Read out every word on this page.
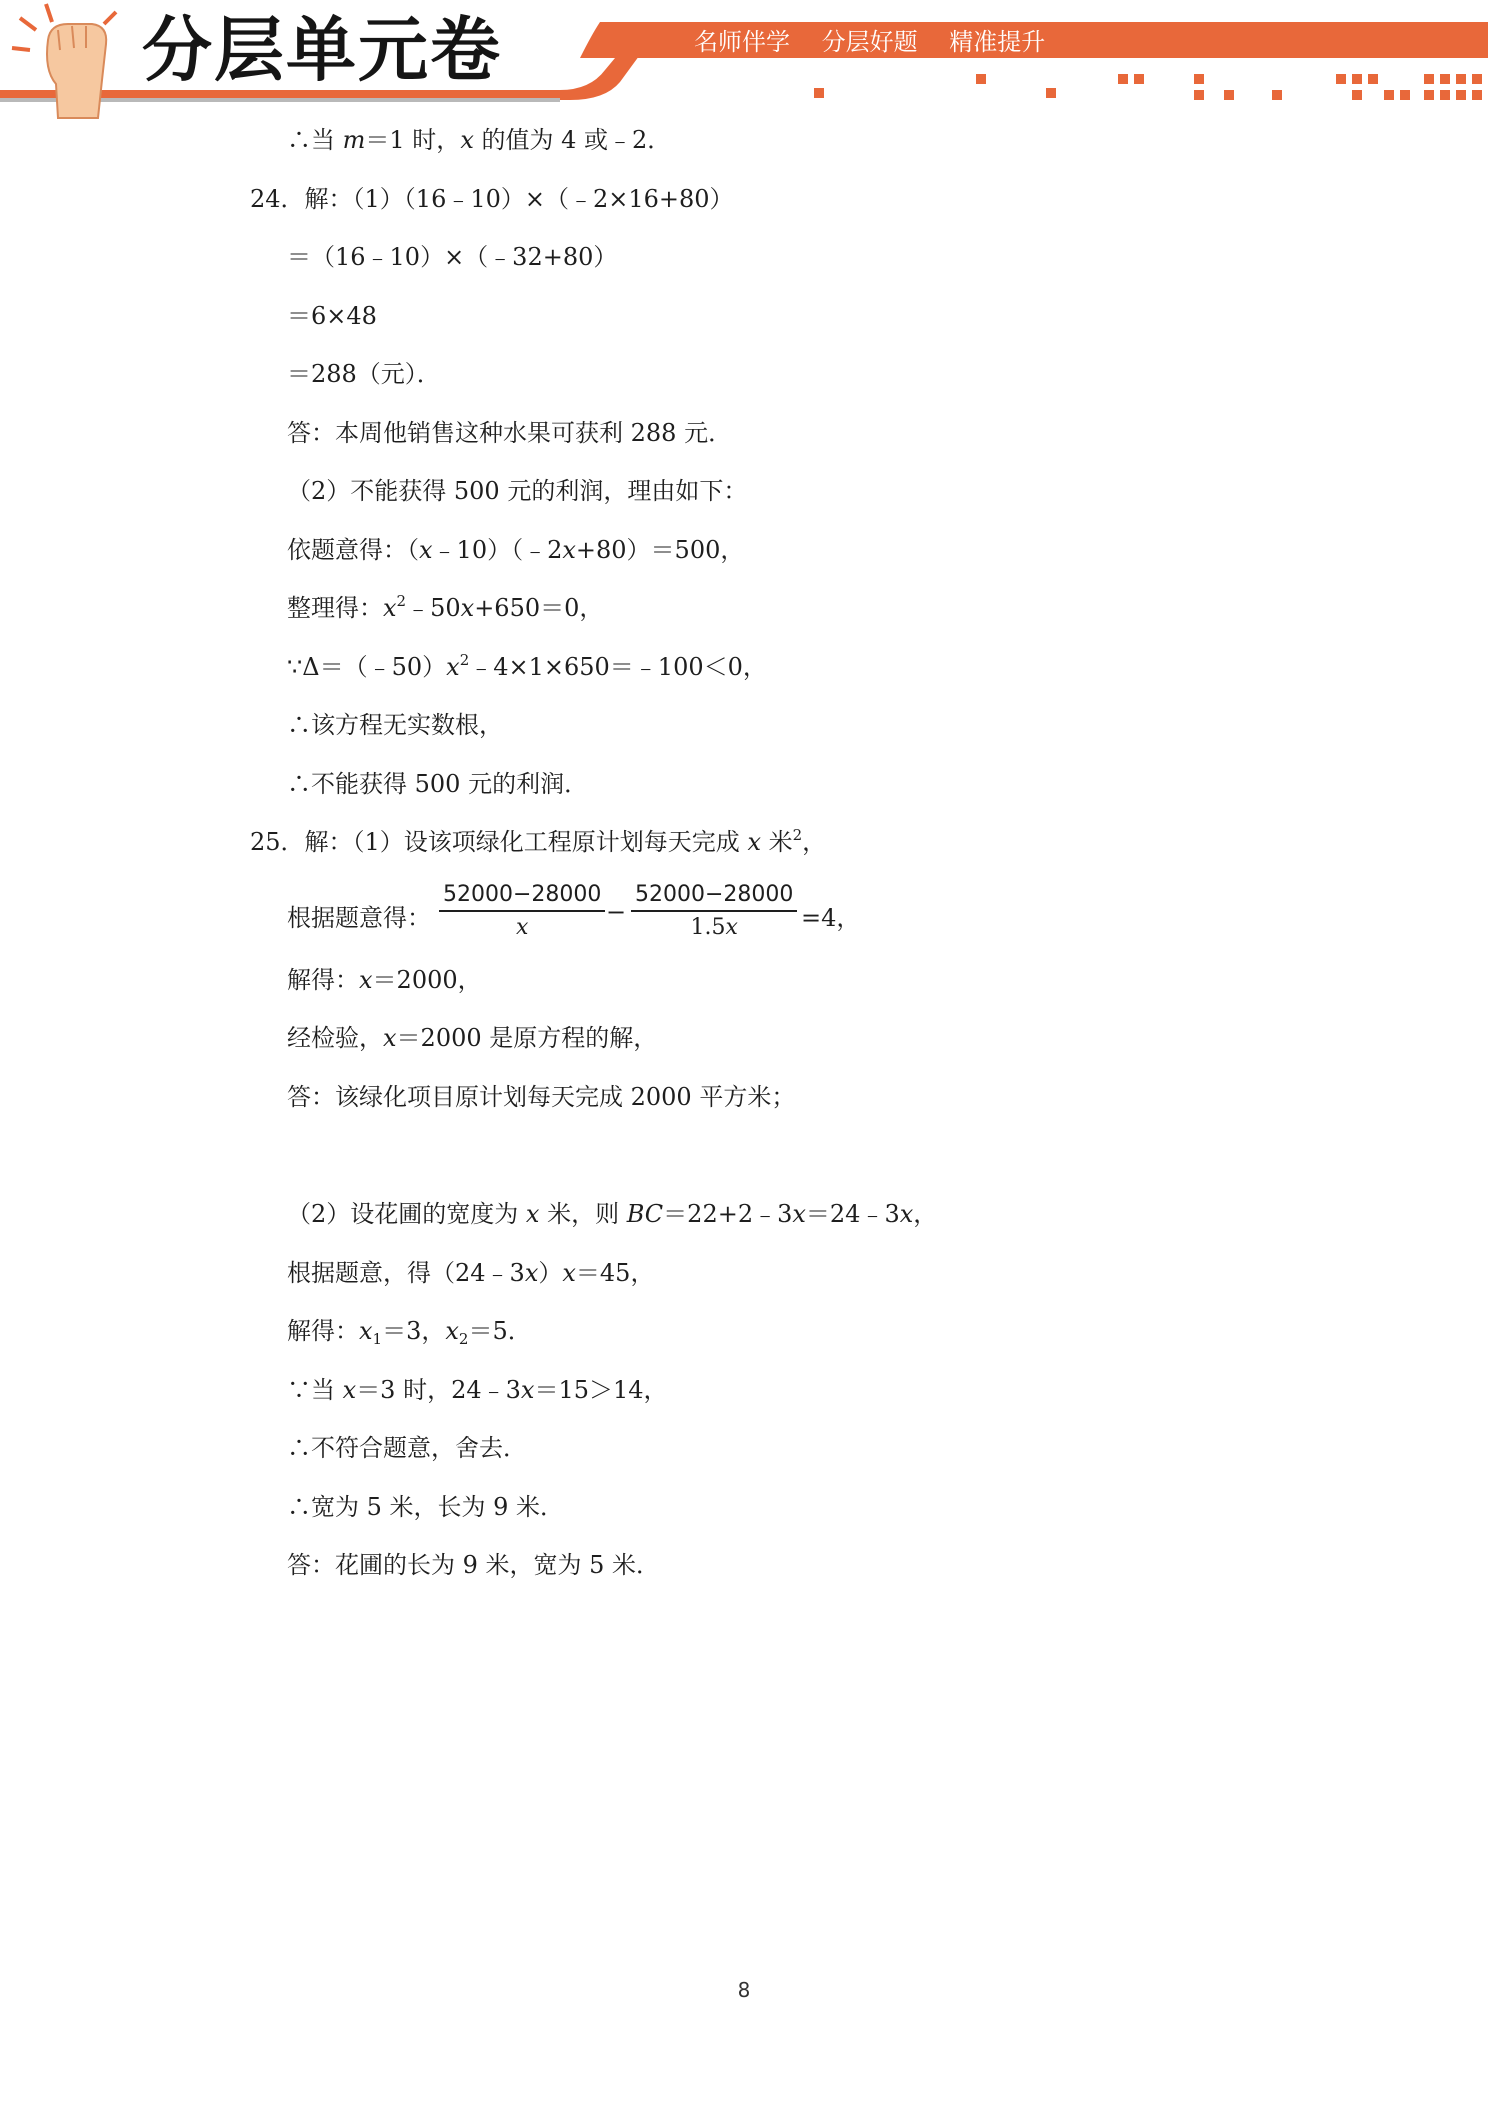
分层单元卷	名师伴学 分层好题 精准提升
∴当 m＝1 时，x 的值为 4 或﹣2．
24．解：（1）（16﹣10）×（﹣2×16+80）
＝（16﹣10）×（﹣32+80）
＝6×48
＝288（元）．
答：本周他销售这种水果可获利 288 元．
（2）不能获得 500 元的利润，理由如下：
依题意得：（x﹣10）（﹣2x+80）＝500，
整理得：$x^2﹣50x+650=0$，
$\because\Delta=(﹣50)x^2﹣4\times 1\times 650=﹣100<0$，
∴该方程无实数根，
∴不能获得 500 元的利润．
25．解：（1）设该项绿化工程原计划每天完成 x 米$^2$，
根据题意得： $\frac{52000-28000}{x} - \frac{52000-28000}{1.5x} =4$，
解得：x＝2000，
经检验，x＝2000 是原方程的解，
答：该绿化项目原计划每天完成 2000 平方米；
（2）设花圃的宽度为 x 米，则 BC＝22+2﹣3x＝24﹣3x，
根据题意，得（24﹣3x）x＝45，
解得：$x_1=3$，$x_2=5$．
∵当 x＝3 时，24﹣3x＝15＞14，
∴不符合题意，舍去．
∴宽为 5 米，长为 9 米．
答：花圃的长为 9 米，宽为 5 米．
8
